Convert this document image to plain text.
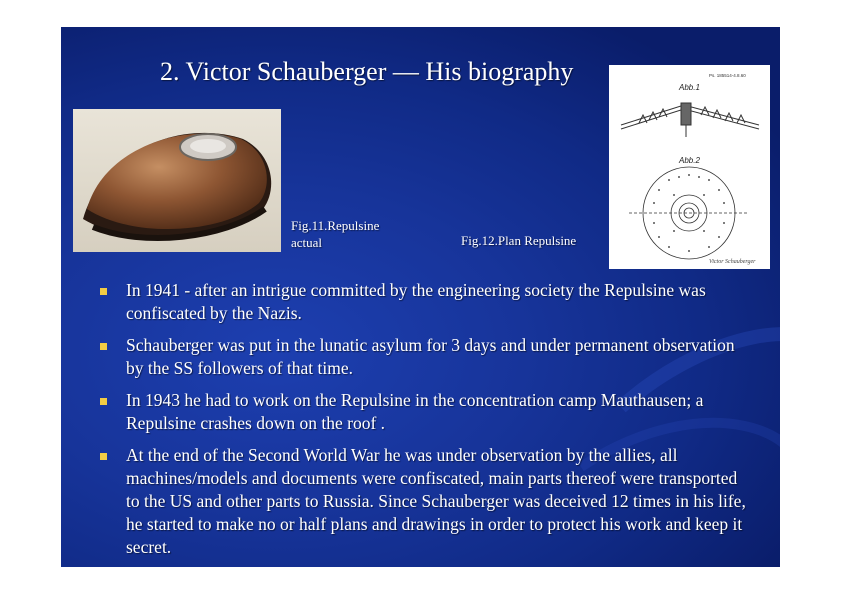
2. Victor Schauberger — His biography	Ps. 185514-4.8.60
Abb.1
Abb.2
Victor Schauberger
Fig.11.Repulsine
actual	Fig.12.Plan Repulsine
In 1941 - after an intrigue committed by the engineering society the Repulsine was confiscated by the Nazis.
Schauberger was put in the lunatic asylum for 3 days and under permanent observation by the SS followers of that time.
In 1943 he had to work on the Repulsine in the concentration camp Mauthausen; a Repulsine crashes down on the roof .
At the end of the Second World War he was under observation by the allies, all machines/models and documents were confiscated, main parts thereof were transported to the US and other parts to Russia. Since Schauberger was deceived 12 times in his life, he started to make no or half plans and drawings in order to protect his work and keep it secret.
